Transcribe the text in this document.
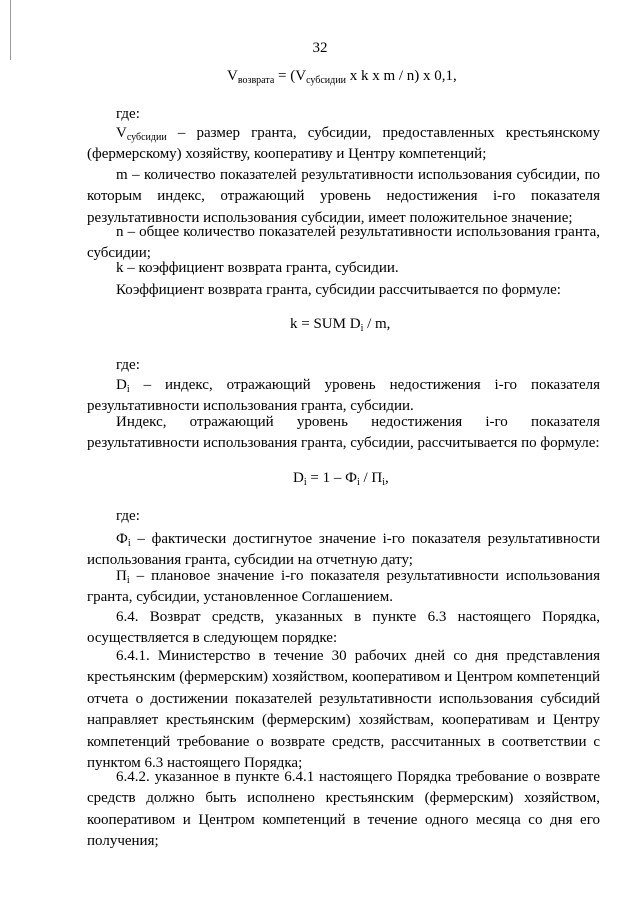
32
$V_{возврата} = (V_{субсидии}$ x k x m / n) x 0,1,
где:
$V_{субсидии}$ – размер гранта, субсидии, предоставленных крестьянскому (фермерскому) хозяйству, кооперативу и Центру компетенций;
m – количество показателей результативности использования субсидии, по которым индекс, отражающий уровень недостижения i-го показателя результативности использования субсидии, имеет положительное значение;
n – общее количество показателей результативности использования гранта, субсидии;
k – коэффициент возврата гранта, субсидии.
Коэффициент возврата гранта, субсидии рассчитывается по формуле:
k = SUM $D_i$ / m,
где:
$D_i$ – индекс, отражающий уровень недостижения i-го показателя результативности использования гранта, субсидии.
Индекс, отражающий уровень недостижения i-го показателя результативности использования гранта, субсидии, рассчитывается по формуле:
$D_i = 1 - Ф_i / П_i$,
где:
$Ф_i$ – фактически достигнутое значение i-го показателя результативности использования гранта, субсидии на отчетную дату;
$П_i$ – плановое значение i-го показателя результативности использования гранта, субсидии, установленное Соглашением.
6.4. Возврат средств, указанных в пункте 6.3 настоящего Порядка, осуществляется в следующем порядке:
6.4.1. Министерство в течение 30 рабочих дней со дня представления крестьянским (фермерским) хозяйством, кооперативом и Центром компетенций отчета о достижении показателей результативности использования субсидий направляет крестьянским (фермерским) хозяйствам, кооперативам и Центру компетенций требование о возврате средств, рассчитанных в соответствии с пунктом 6.3 настоящего Порядка;
6.4.2. указанное в пункте 6.4.1 настоящего Порядка требование о возврате средств должно быть исполнено крестьянским (фермерским) хозяйством, кооперативом и Центром компетенций в течение одного месяца со дня его получения;
